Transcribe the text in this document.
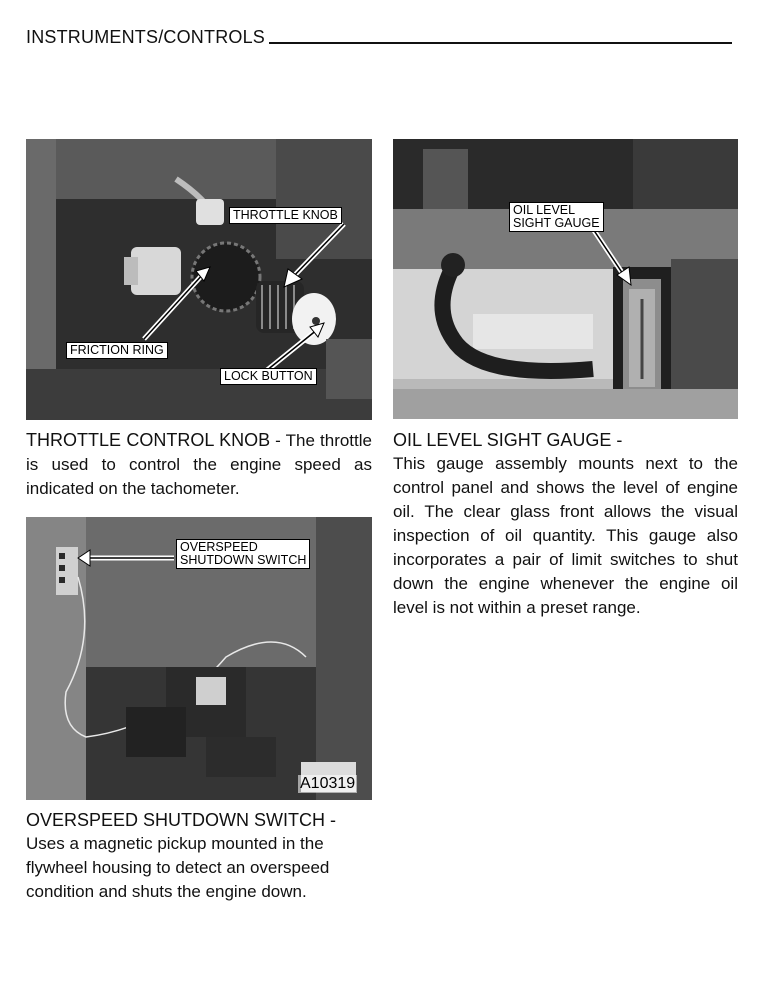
INSTRUMENTS/CONTROLS
THROTTLE KNOB
FRICTION RING
LOCK BUTTON
OIL LEVEL
SIGHT GAUGE
OVERSPEED
SHUTDOWN SWITCH
A10319
THROTTLE CONTROL KNOB - The throttle is used to control the engine speed as indicated on the tachometer.
OIL LEVEL SIGHT GAUGE -
This gauge assembly mounts next to the control panel and shows the level of engine oil. The clear glass front allows the visual inspection of oil quantity. This gauge also incorporates a pair of limit switches to shut down the engine whenever the engine oil level is not within a preset range.
OVERSPEED SHUTDOWN SWITCH -
Uses a magnetic pickup mounted in the flywheel housing to detect an overspeed condition and shuts the engine down.
